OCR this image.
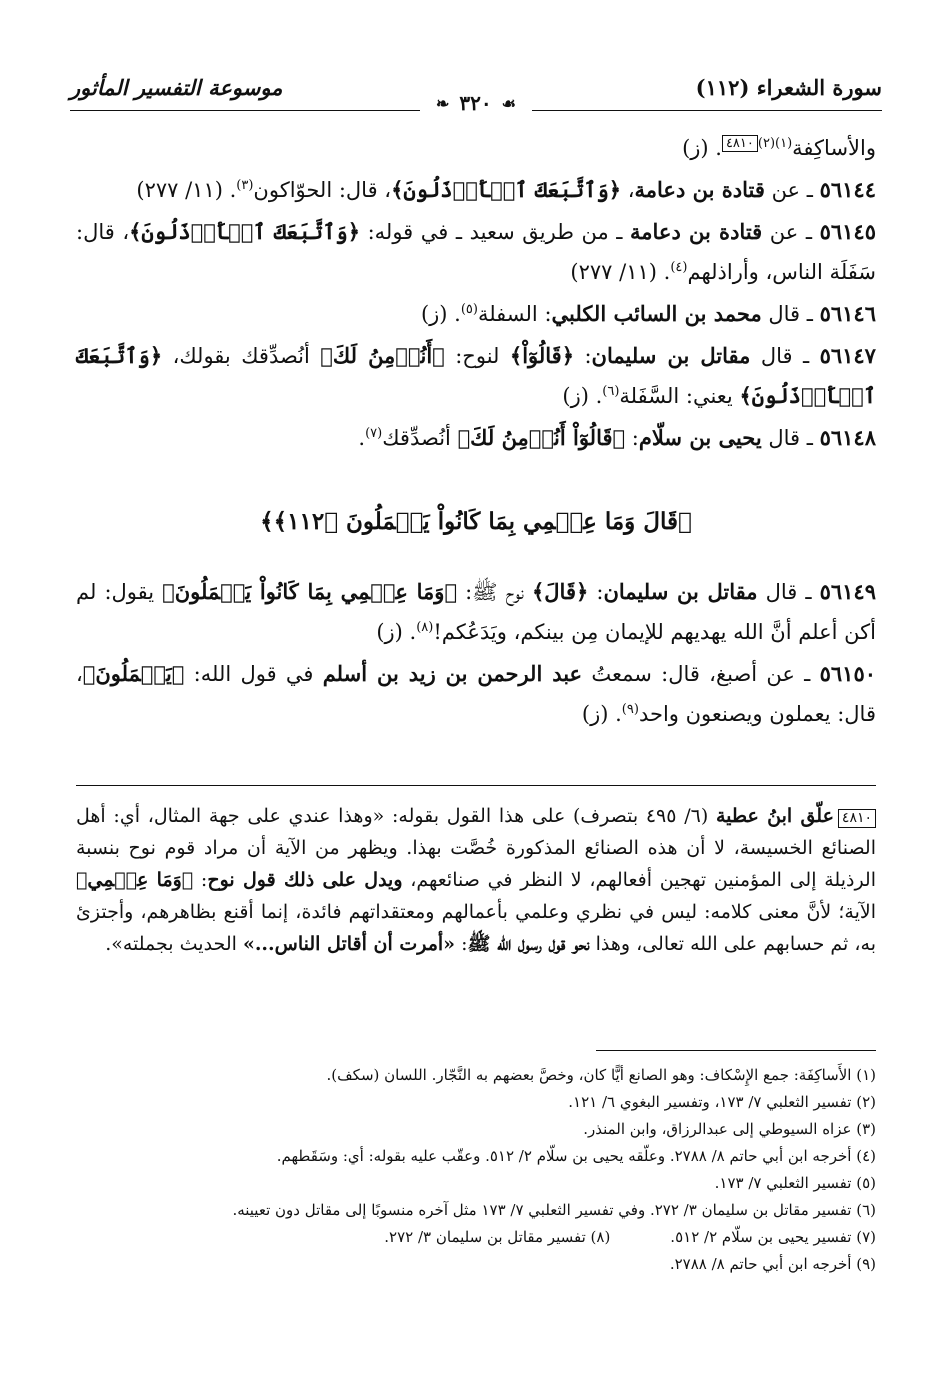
سورة الشعراء (١١٢)
موسوعة التفسير المأثور
❧ ٣٢٠ ☙

والأساكِفة$^{(١)(٢)}$٤٨١٠. (ز)

٥٦١٤٤ ـ عن قتادة بن دعامة، ﴿وَٱتَّبَعَكَ ٱلۡأَرۡذَلُونَ﴾، قال: الحوّاكون$^{(٣)}$. (١١/ ٢٧٧)

٥٦١٤٥ ـ عن قتادة بن دعامة ـ من طريق سعيد ـ في قوله: ﴿وَٱتَّبَعَكَ ٱلۡأَرۡذَلُونَ﴾، قال: سَفَلَة الناس، وأراذلهم$^{(٤)}$. (١١/ ٢٧٧)

٥٦١٤٦ ـ قال محمد بن السائب الكلبي: السفلة$^{(٥)}$. (ز)

٥٦١٤٧ ـ قال مقاتل بن سليمان: ﴿قَالُوٓاْ﴾ لنوح: ﴿أَنُؤۡمِنُ لَكَ﴾ أنُصدِّقك بقولك، ﴿وَٱتَّبَعَكَ ٱلۡأَرۡذَلُونَ﴾ يعني: السَّفَلة$^{(٦)}$. (ز)

٥٦١٤٨ ـ قال يحيى بن سلّام: ﴿قَالُوٓاْ أَنُؤۡمِنُ لَكَ﴾ أنُصدِّقك$^{(٧)}$.

﴿قَالَ وَمَا عِلۡمِي بِمَا كَانُواْ يَعۡمَلُونَ ﴿١١٢﴾﴾

٥٦١٤٩ ـ قال مقاتل بن سليمان: ﴿قَالَ﴾ نوح ﷺ: ﴿وَمَا عِلۡمِي بِمَا كَانُواْ يَعۡمَلُونَ﴾ يقول: لم أكن أعلم أنَّ الله يهديهم للإيمان مِن بينكم، ويَدَعُكم!$^{(٨)}$. (ز)

٥٦١٥٠ ـ عن أصبغ، قال: سمعتُ عبد الرحمن بن زيد بن أسلم في قول الله: ﴿يَعۡمَلُونَ﴾، قال: يعملون ويصنعون واحد$^{(٩)}$. (ز)

٤٨١٠علّق ابنُ عطية (٦/ ٤٩٥ بتصرف) على هذا القول بقوله: «وهذا عندي على جهة المثال، أي: أهل الصنائع الخسيسة، لا أن هذه الصنائع المذكورة خُصَّت بهذا. ويظهر من الآية أن مراد قوم نوح بنسبة الرذيلة إلى المؤمنين تهجين أفعالهم، لا النظر في صنائعهم، ويدل على ذلك قول نوح: ﴿وَمَا عِلۡمِي﴾ الآية؛ لأنَّ معنى كلامه: ليس في نظري وعلمي بأعمالهم ومعتقداتهم فائدة، إنما أقنع بظاهرهم، وأجتزئ به، ثم حسابهم على الله تعالى، وهذا نحو قول رسول الله ﷺ: «أمرت أن أقاتل الناس...» الحديث بجملته».

(١) الأَساكِفَة: جمع الإِسْكاف: وهو الصانع أيًّا كان، وخصَّ بعضهم به النَّجّار. اللسان (سكف).

(٢) تفسير الثعلبي ٧/ ١٧٣، وتفسير البغوي ٦/ ١٢١.

(٣) عزاه السيوطي إلى عبدالرزاق، وابن المنذر.

(٤) أخرجه ابن أبي حاتم ٨/ ٢٧٨٨. وعلّقه يحيى بن سلّام ٢/ ٥١٢. وعقّب عليه بقوله: أي: وسَقَطهم.

(٥) تفسير الثعلبي ٧/ ١٧٣.

(٦) تفسير مقاتل بن سليمان ٣/ ٢٧٢. وفي تفسير الثعلبي ٧/ ١٧٣ مثل آخره منسوبًا إلى مقاتل دون تعيينه.

(٧) تفسير يحيى بن سلّام ٢/ ٥١٢.

(٨) تفسير مقاتل بن سليمان ٣/ ٢٧٢.

(٩) أخرجه ابن أبي حاتم ٨/ ٢٧٨٨.
